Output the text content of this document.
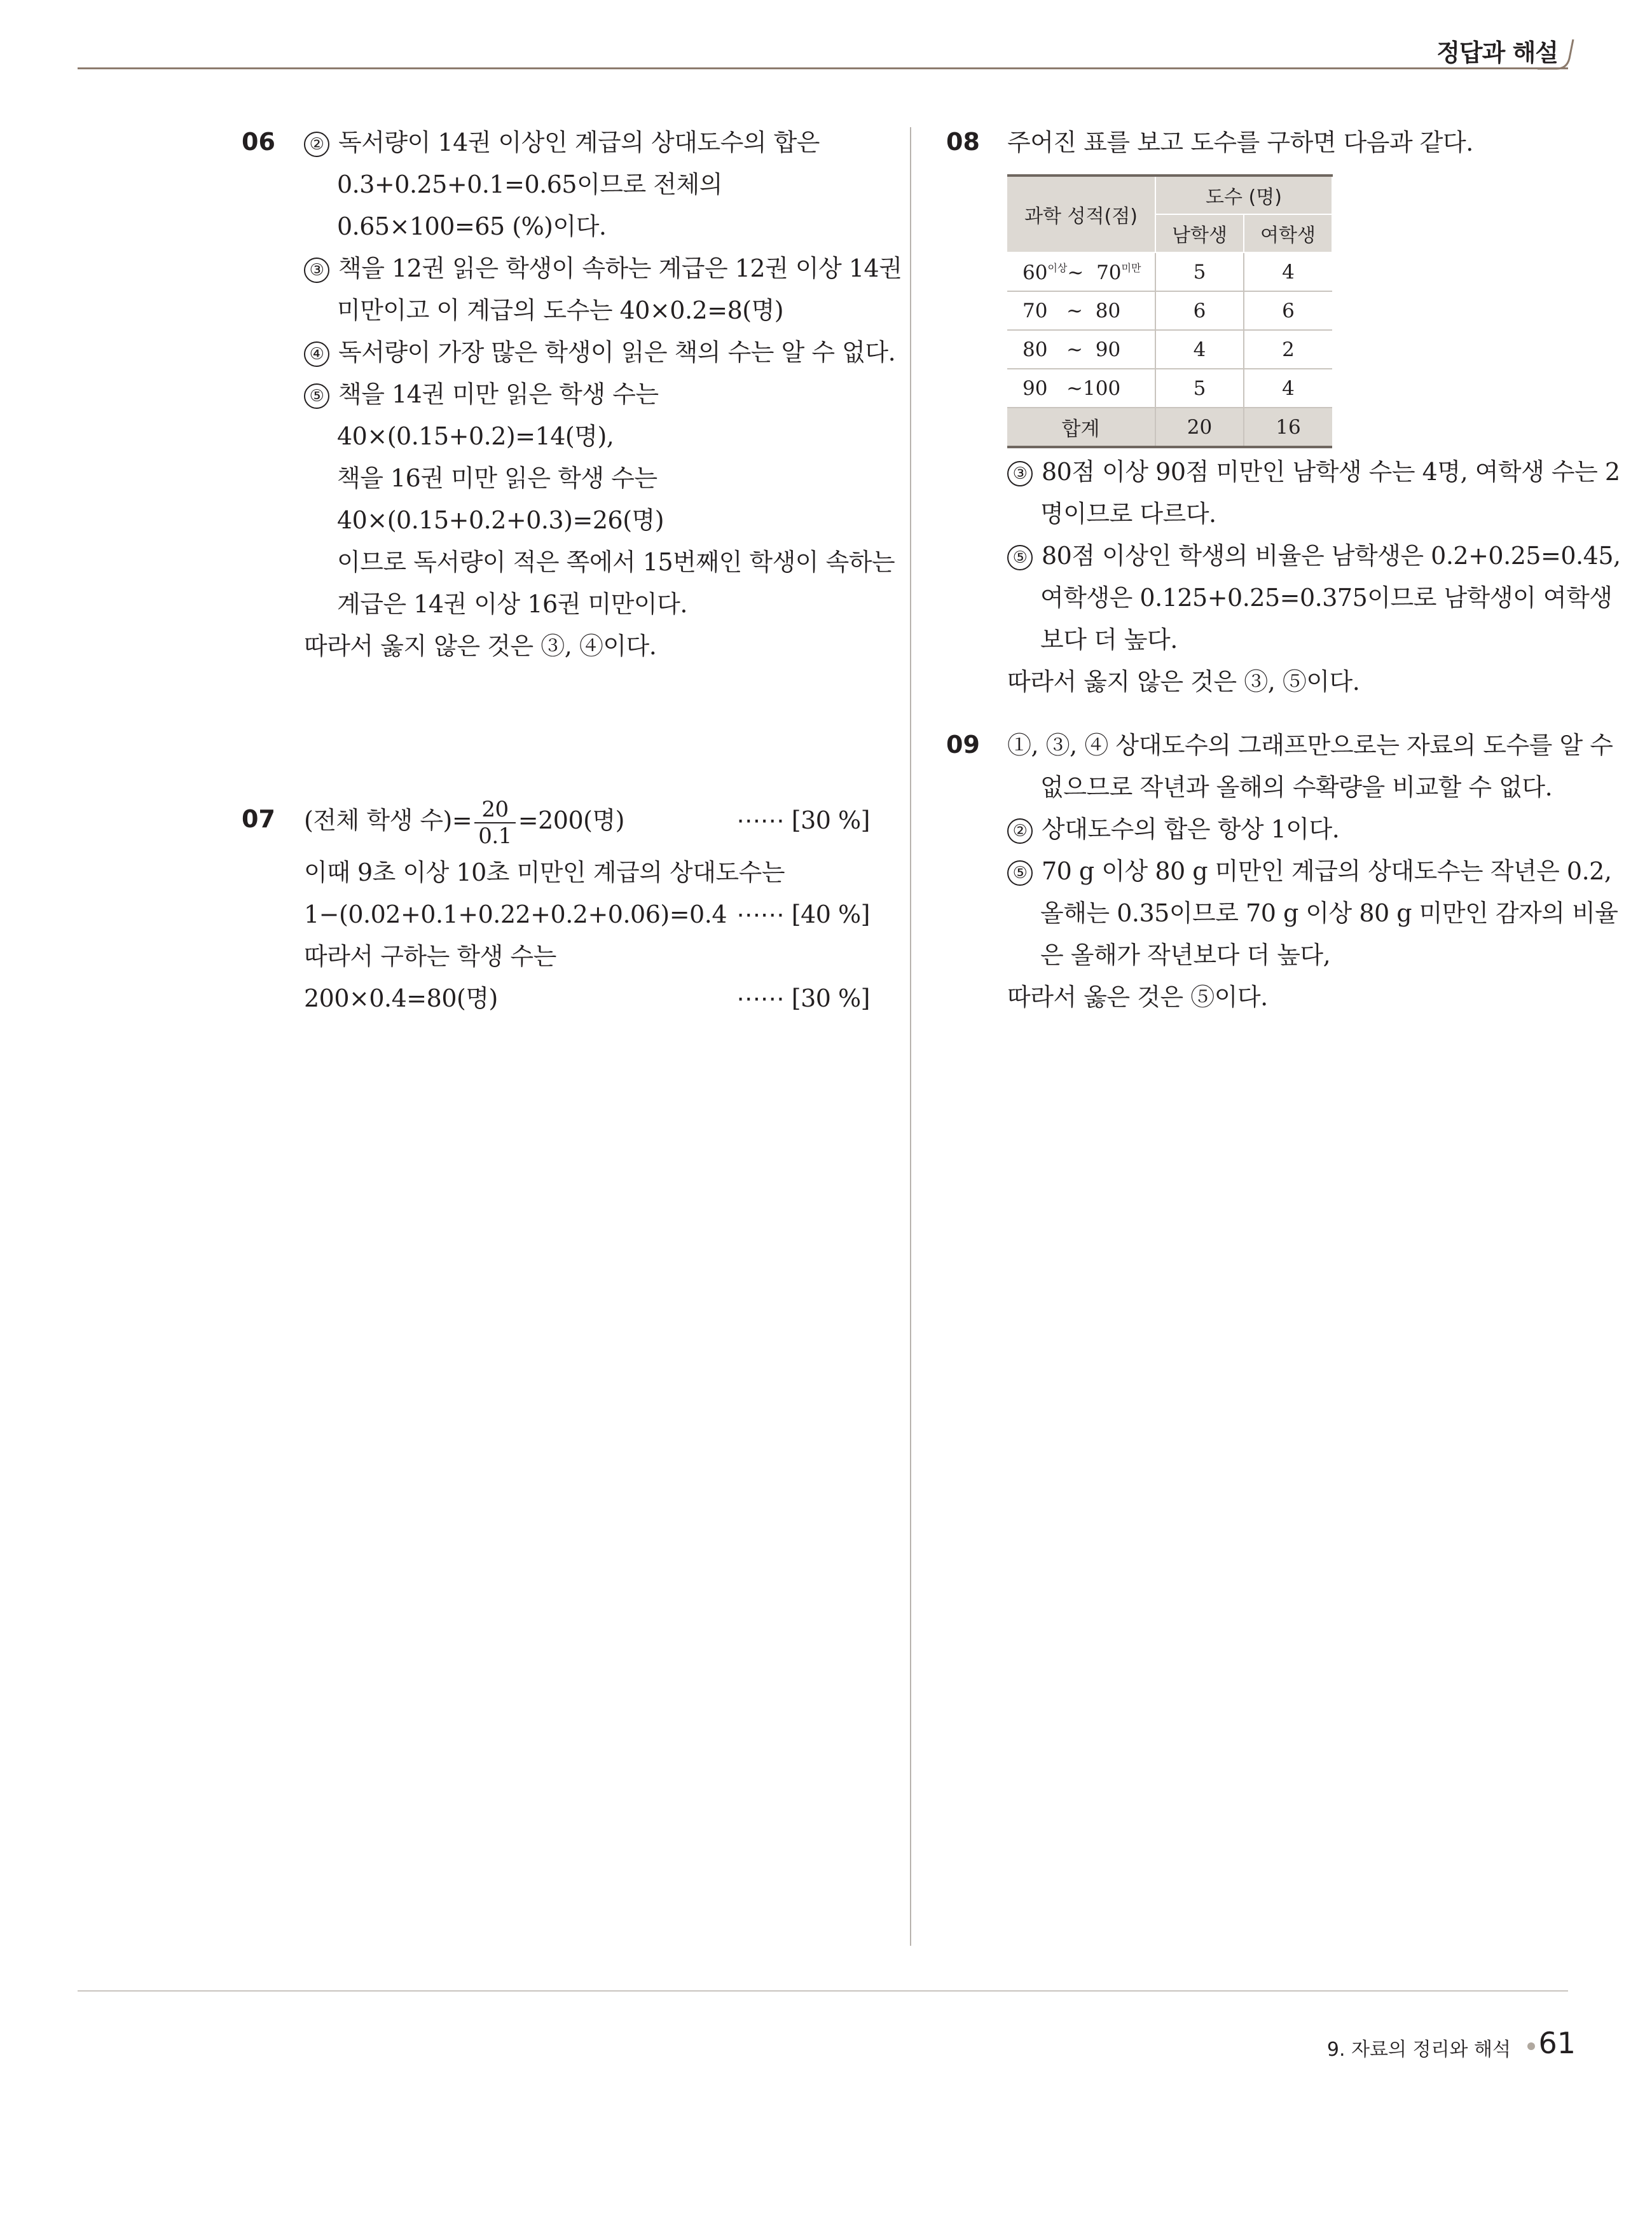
정답과 해설
06	② 독서량이 14권 이상인 계급의 상대도수의 합은
0.3+0.25+0.1=0.65이므로 전체의
0.65×100=65 (%)이다.
③ 책을 12권 읽은 학생이 속하는 계급은 12권 이상 14권
미만이고 이 계급의 도수는 40×0.2=8(명)
④ 독서량이 가장 많은 학생이 읽은 책의 수는 알 수 없다.
⑤ 책을 14권 미만 읽은 학생 수는
40×(0.15+0.2)=14(명),
책을 16권 미만 읽은 학생 수는
40×(0.15+0.2+0.3)=26(명)
이므로 독서량이 적은 쪽에서 15번째인 학생이 속하는
계급은 14권 이상 16권 미만이다.
따라서 옳지 않은 것은 ③, ④이다.
07 (전체 학생 수)= $\frac{20}{0.1} =200$(명)	⋯⋯ [30 %]
이때 9초 이상 10초 미만인 계급의 상대도수는
1−(0.02+0.1+0.22+0.2+0.06)=0.4 ⋯⋯ [40 %]
따라서 구하는 학생 수는
200×0.4=80(명)	⋯⋯ [30 %]
08 주어진 표를 보고 도수를 구하면 다음과 같다.
과학 성적(점)	도수 (명)	
	남학생	여학생
$60^{이상}\sim$ $70^{미만}$	5	4
70 ~ 80	6	6
80 ~ 90	4	2
90 ~100	5	4
합계	20	16
③ 80점 이상 90점 미만인 남학생 수는 4명, 여학생 수는 2
명이므로 다르다.
⑤ 80점 이상인 학생의 비율은 남학생은 0.2+0.25=0.45,
여학생은 0.125+0.25=0.375이므로 남학생이 여학생
보다 더 높다.
따라서 옳지 않은 것은 ③, ⑤이다.
09 ①, ③, ④ 상대도수의 그래프만으로는 자료의 도수를 알 수
없으므로 작년과 올해의 수확량을 비교할 수 없다.
② 상대도수의 합은 항상 1이다.
⑤ 70 g 이상 80 g 미만인 계급의 상대도수는 작년은 0.2,
올해는 0.35이므로 70 g 이상 80 g 미만인 감자의 비율
은 올해가 작년보다 더 높다,
따라서 옳은 것은 ⑤이다.
9. 자료의 정리와 해석 61
